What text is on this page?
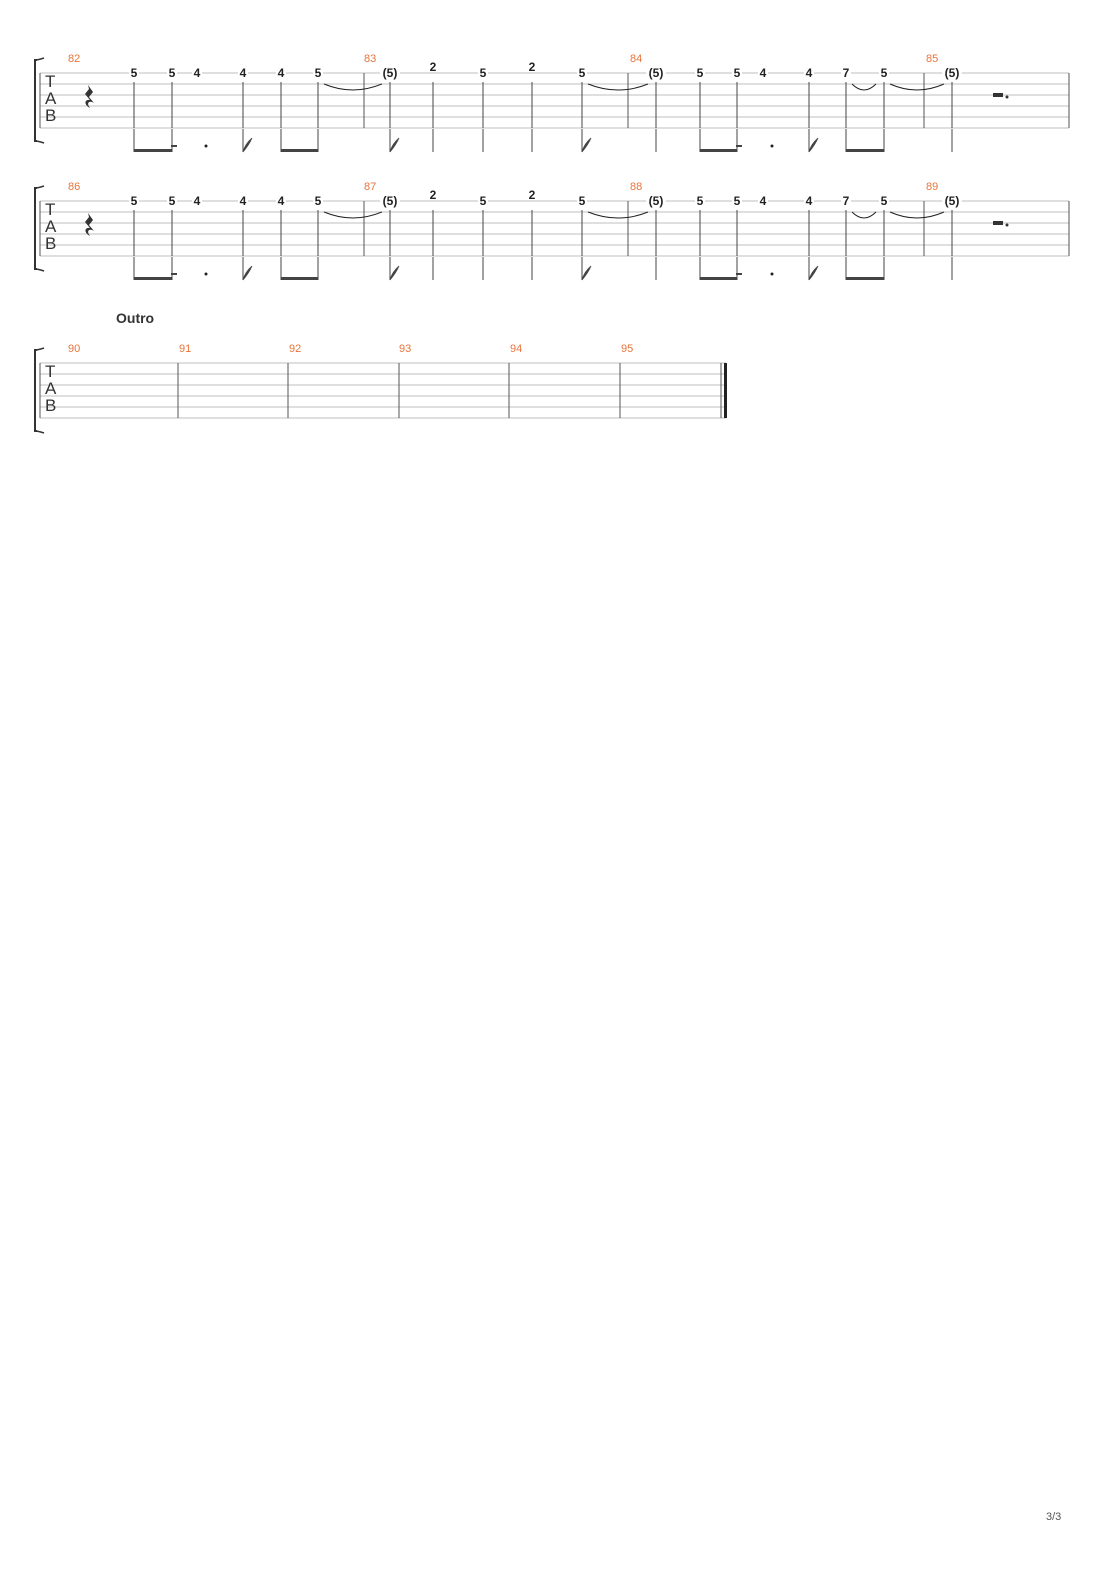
T
A
B
82	83	84	85
5	5 4	4	4	5	(5)	2	5	2	5	(5)	5	5 4	4	7	5	(5)
T
A
B
86	87	88	89
5	5 4	4	4	5	(5)	2	5	2	5	(5)	5	5 4	4	7	5	(5)
T
A
B
90	91	92	93	94	95
Outro
3/3
